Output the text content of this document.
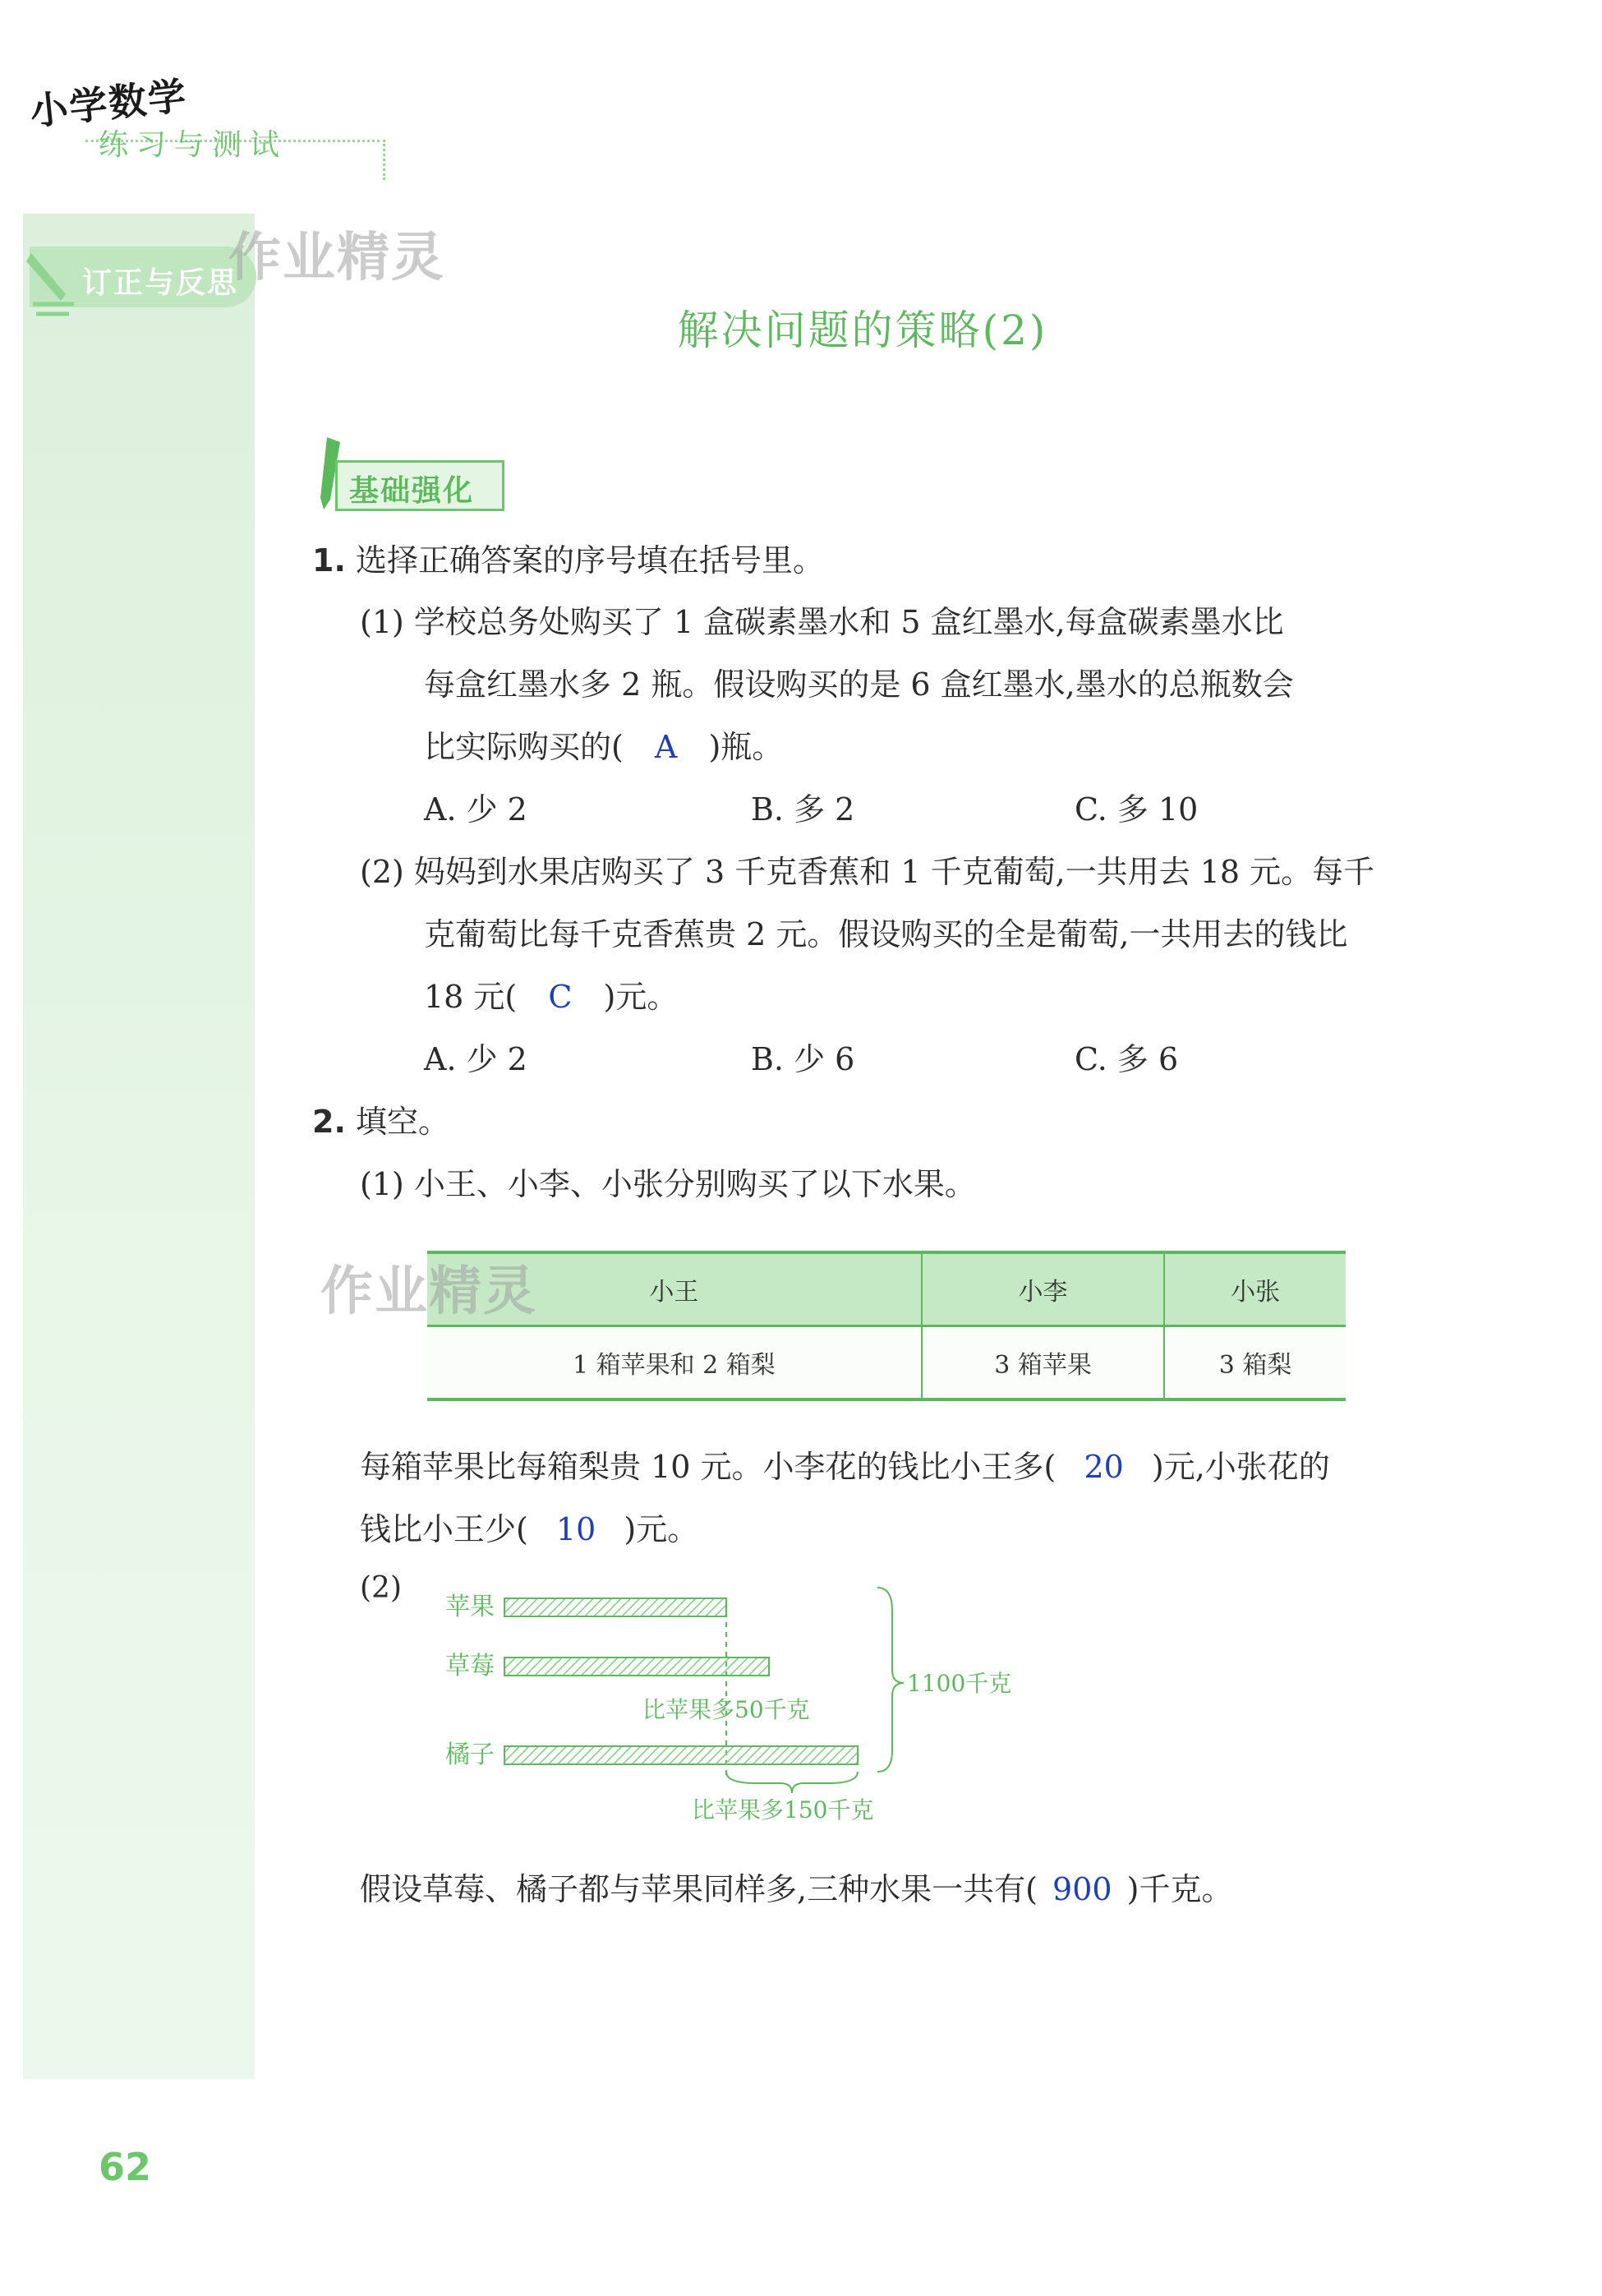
小学数学
练习与测试
订正与反思
作业精灵
解决问题的策略(2)
基础强化
1. 选择正确答案的序号填在括号里。
(1) 学校总务处购买了 1 盒碳素墨水和 5 盒红墨水,每盒碳素墨水比
每盒红墨水多 2 瓶。假设购买的是 6 盒红墨水,墨水的总瓶数会
比实际购买的( A )瓶。
A. 少 2	B. 多 2	C. 多 10
(2) 妈妈到水果店购买了 3 千克香蕉和 1 千克葡萄,一共用去 18 元。每千
克葡萄比每千克香蕉贵 2 元。假设购买的全是葡萄,一共用去的钱比
18 元( C )元。
A. 少 2	B. 少 6	C. 多 6
2. 填空。
(1) 小王、小李、小张分别购买了以下水果。
小王	小李	小张
1 箱苹果和 2 箱梨	3 箱苹果	3 箱梨
作业精灵
每箱苹果比每箱梨贵 10 元。小李花的钱比小王多( 20 )元,小张花的
钱比小王少( 10 )元。
(2)
苹果
草莓
比苹果多50千克
橘子
比苹果多150千克
1100千克
假设草莓、橘子都与苹果同样多,三种水果一共有( 900 )千克。
62
